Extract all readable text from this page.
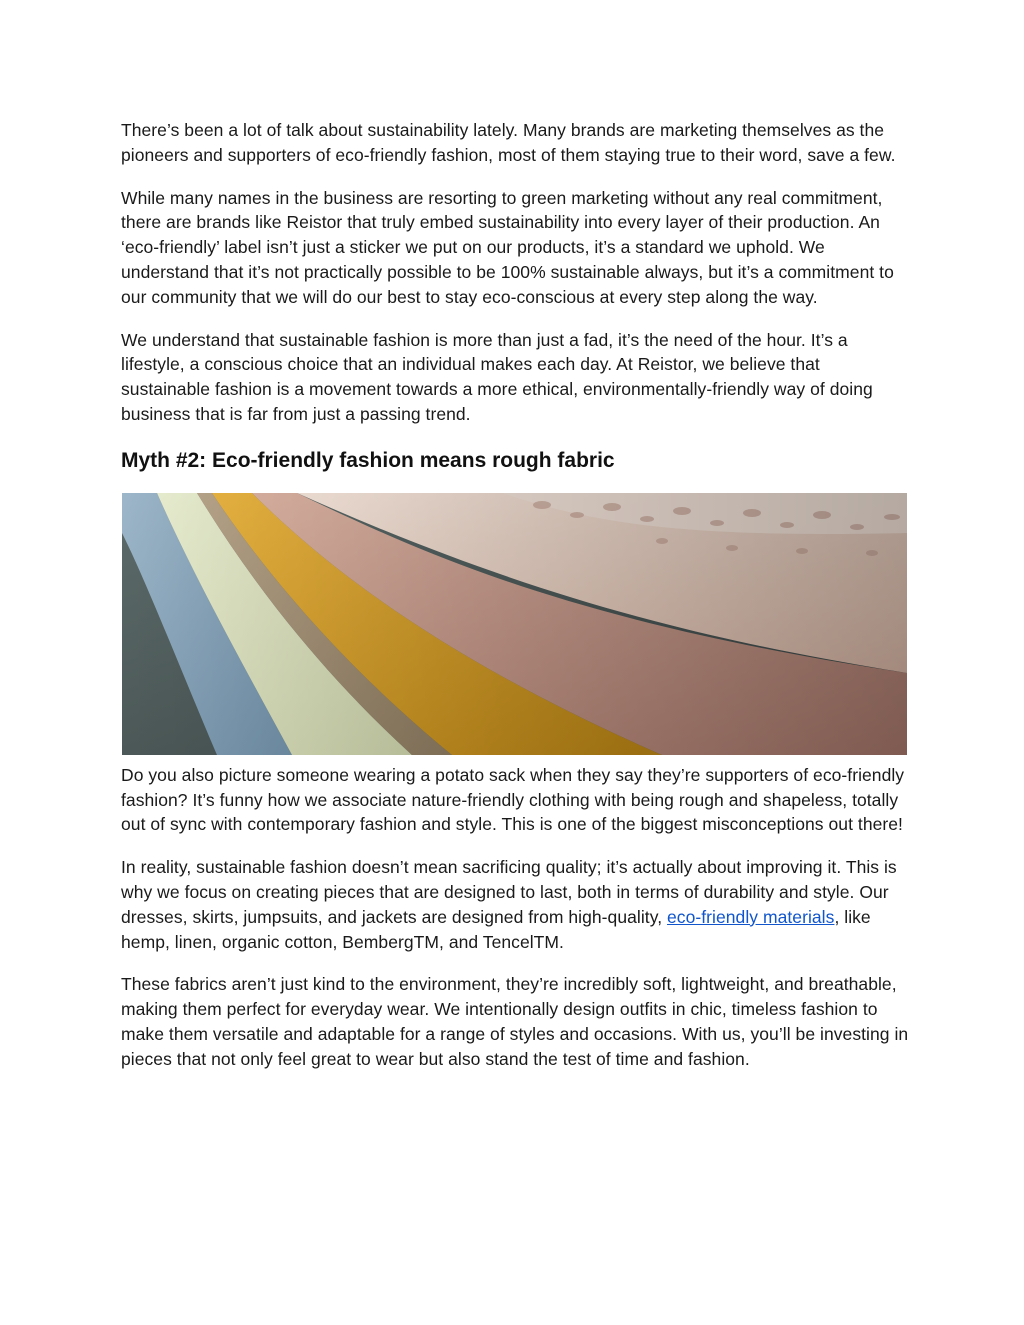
There’s been a lot of talk about sustainability lately. Many brands are marketing themselves as the pioneers and supporters of eco-friendly fashion, most of them staying true to their word, save a few.

While many names in the business are resorting to green marketing without any real commitment, there are brands like Reistor that truly embed sustainability into every layer of their production. An ‘eco-friendly’ label isn’t just a sticker we put on our products, it’s a standard we uphold. We understand that it’s not practically possible to be 100% sustainable always, but it’s a commitment to our community that we will do our best to stay eco-conscious at every step along the way.

We understand that sustainable fashion is more than just a fad, it’s the need of the hour. It’s a lifestyle, a conscious choice that an individual makes each day. At Reistor, we believe that sustainable fashion is a movement towards a more ethical, environmentally-friendly way of doing business that is far from just a passing trend.

Myth #2: Eco-friendly fashion means rough fabric

Do you also picture someone wearing a potato sack when they say they’re supporters of eco-friendly fashion? It’s funny how we associate nature-friendly clothing with being rough and shapeless, totally out of sync with contemporary fashion and style. This is one of the biggest misconceptions out there!

In reality, sustainable fashion doesn’t mean sacrificing quality; it’s actually about improving it. This is why we focus on creating pieces that are designed to last, both in terms of durability and style. Our dresses, skirts, jumpsuits, and jackets are designed from high-quality, eco-friendly materials, like hemp, linen, organic cotton, BembergTM, and TencelTM.

These fabrics aren’t just kind to the environment, they’re incredibly soft, lightweight, and breathable, making them perfect for everyday wear. We intentionally design outfits in chic, timeless fashion to make them versatile and adaptable for a range of styles and occasions. With us, you’ll be investing in pieces that not only feel great to wear but also stand the test of time and fashion.
